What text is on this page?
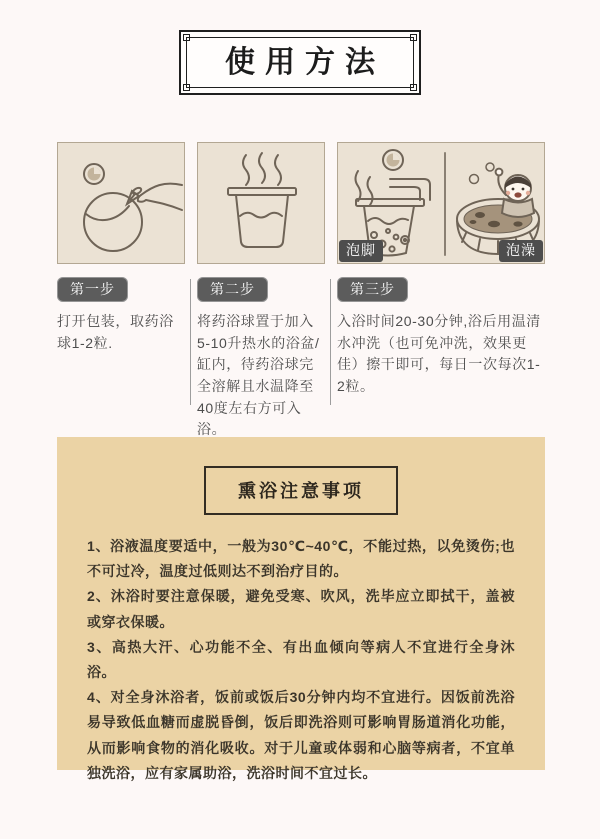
使用方法
泡脚	泡澡
第一步
打开包装，取药浴球1-2粒.
第二步
将药浴球置于加入5-10升热水的浴盆/缸内，待药浴球完全溶解且水温降至40度左右方可入浴。
第三步
入浴时间20-30分钟,浴后用温清水冲洗（也可免冲洗，效果更佳）擦干即可，每日一次每次1-2粒。
熏浴注意事项

1、浴液温度要适中，一般为30℃~40℃，不能过热，以免烫伤;也不可过冷，温度过低则达不到治疗目的。

2、沐浴时要注意保暖，避免受寒、吹风，洗毕应立即拭干，盖被或穿衣保暖。

3、高热大汗、心功能不全、有出血倾向等病人不宜进行全身沐浴。

4、对全身沐浴者，饭前或饭后30分钟内均不宜进行。因饭前洗浴易导致低血糖而虚脱昏倒，饭后即洗浴则可影响胃肠道消化功能，从而影响食物的消化吸收。对于儿童或体弱和心脑等病者，不宜单独洗浴，应有家属助浴，洗浴时间不宜过长。
